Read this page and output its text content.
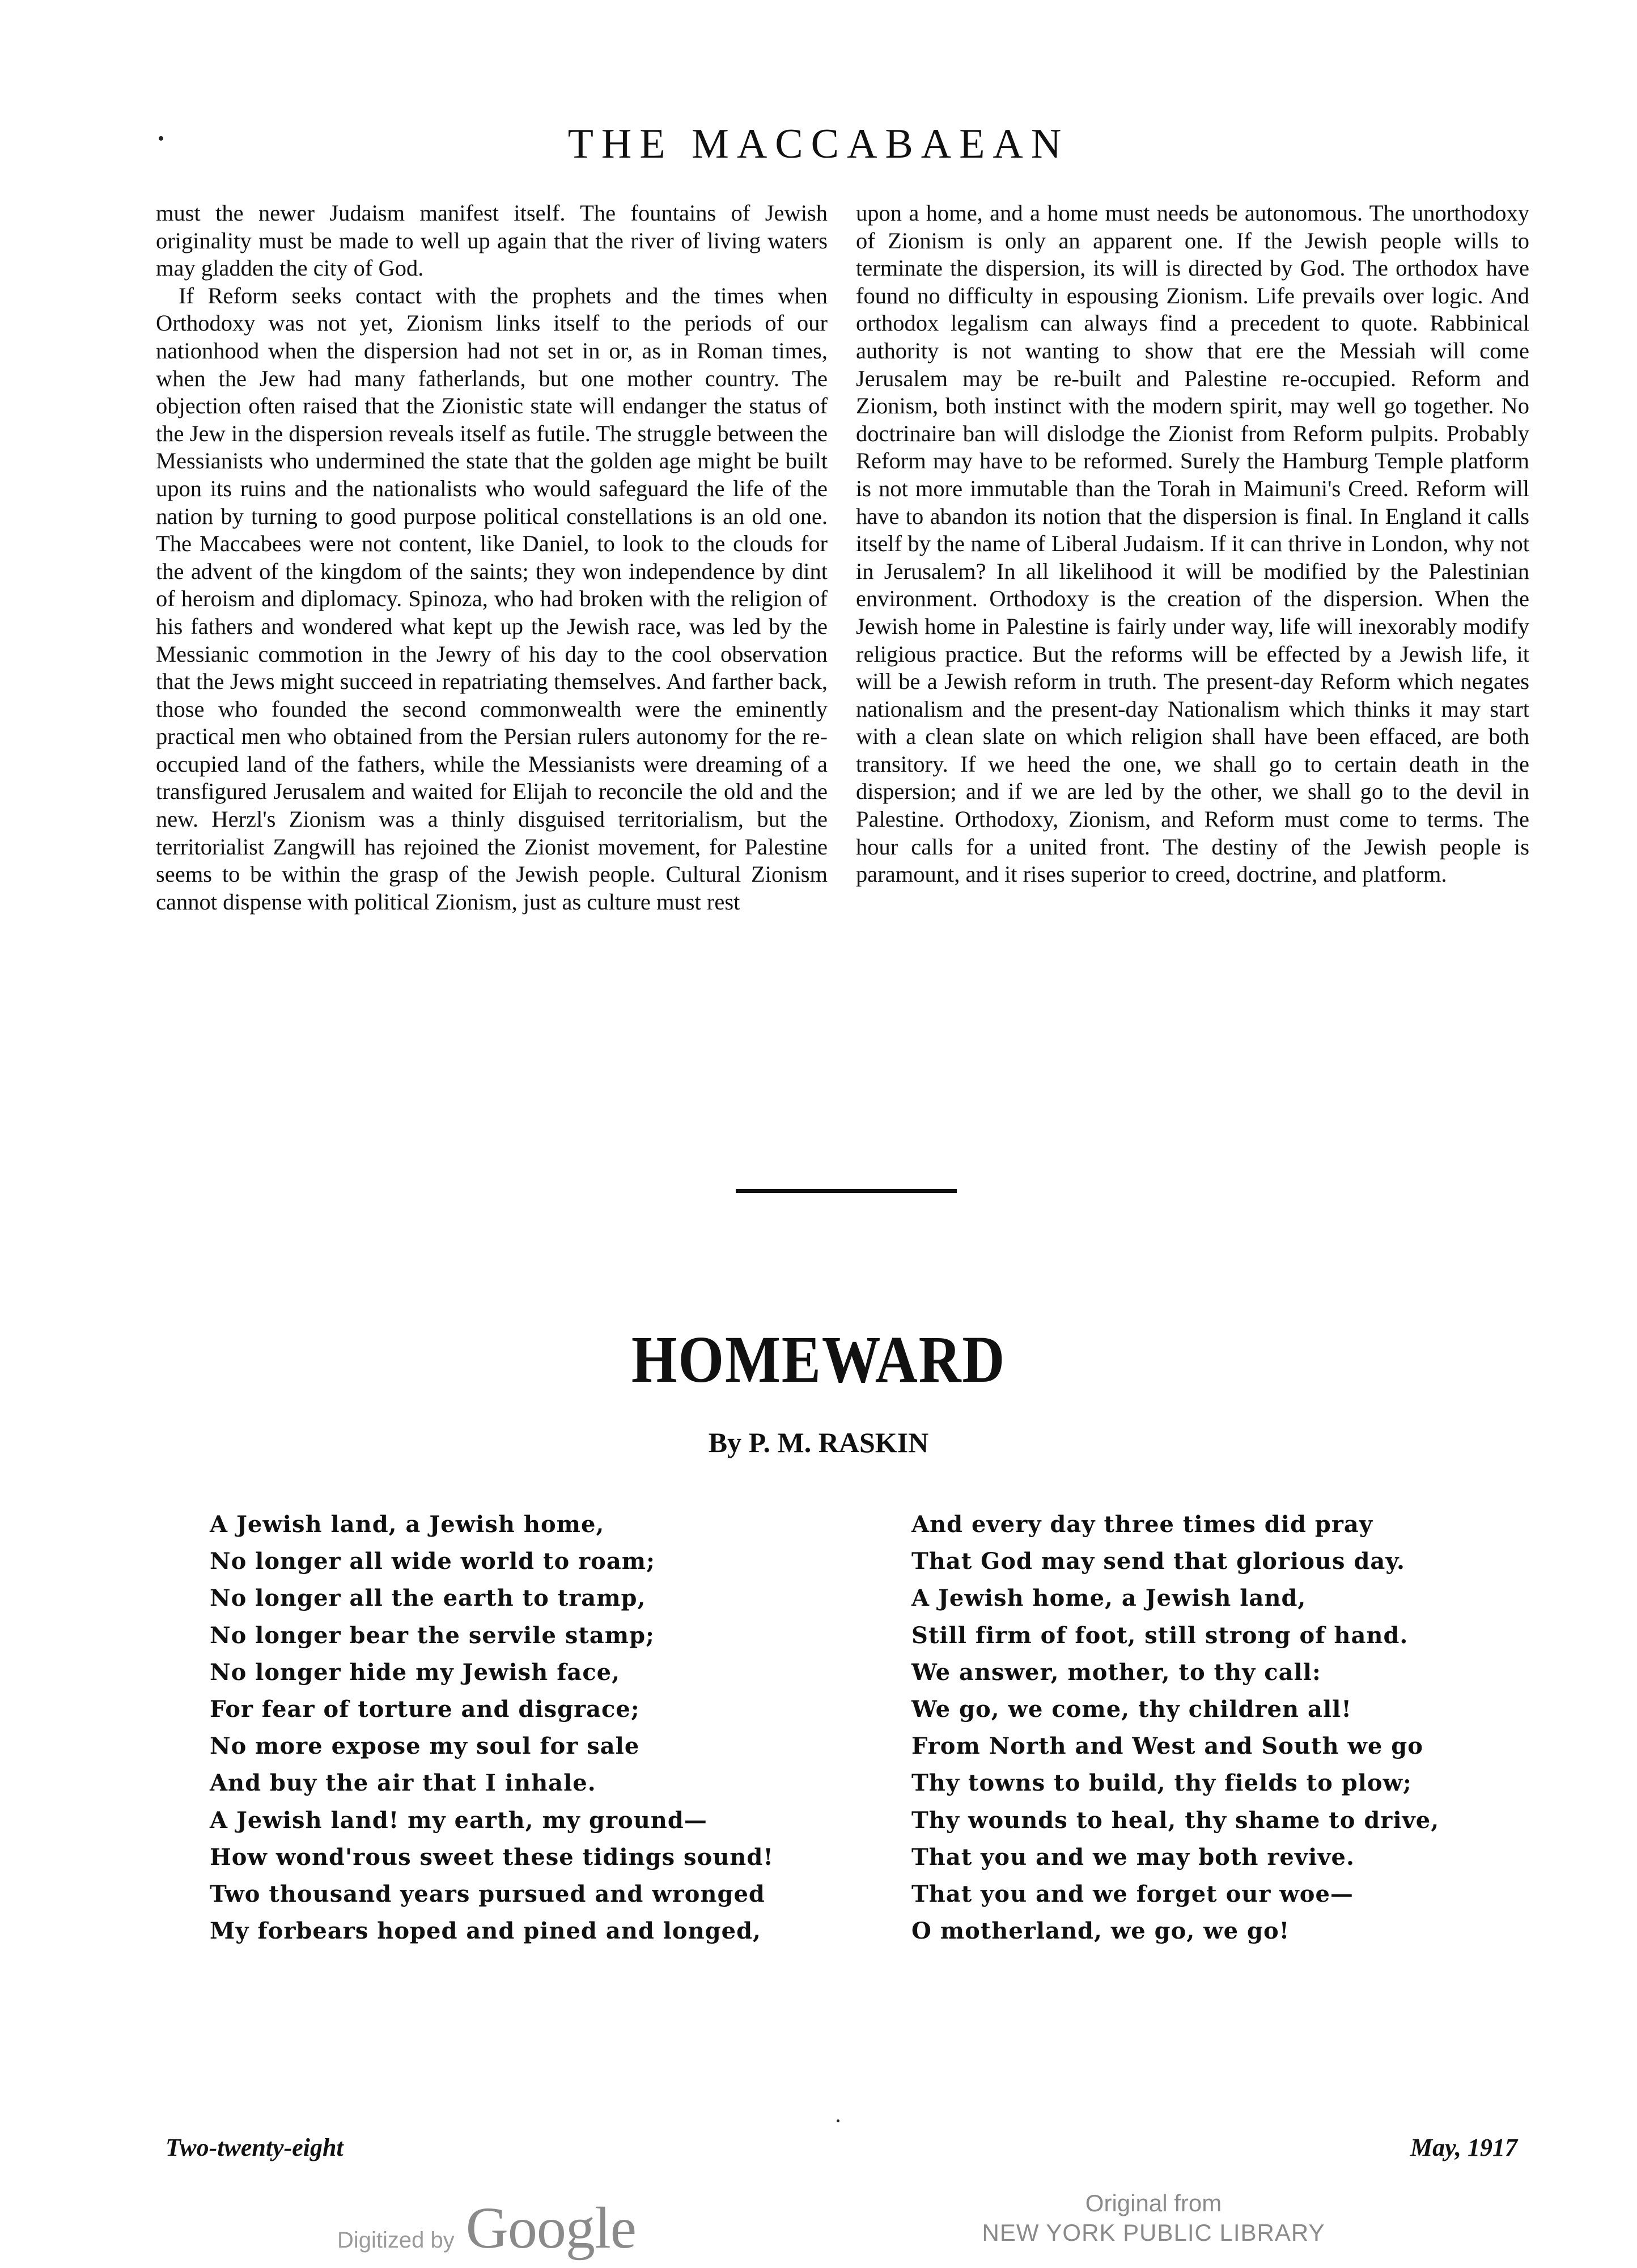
THE MACCABAEAN

must the newer Judaism manifest itself. The fountains of Jewish originality must be made to well up again that the river of living waters may gladden the city of God.

If Reform seeks contact with the prophets and the times when Orthodoxy was not yet, Zionism links itself to the periods of our nationhood when the dispersion had not set in or, as in Roman times, when the Jew had many fatherlands, but one mother country. The objection often raised that the Zionistic state will endanger the status of the Jew in the dispersion reveals itself as futile. The struggle between the Messianists who undermined the state that the golden age might be built upon its ruins and the nationalists who would safeguard the life of the nation by turning to good purpose political constellations is an old one. The Maccabees were not content, like Daniel, to look to the clouds for the advent of the kingdom of the saints; they won independence by dint of heroism and diplomacy. Spinoza, who had broken with the religion of his fathers and wondered what kept up the Jewish race, was led by the Messianic commotion in the Jewry of his day to the cool observation that the Jews might succeed in repatriating themselves. And farther back, those who founded the second commonwealth were the eminently practical men who obtained from the Persian rulers autonomy for the re-occupied land of the fathers, while the Messianists were dreaming of a transfigured Jerusalem and waited for Elijah to reconcile the old and the new. Herzl's Zionism was a thinly disguised territorialism, but the territorialist Zangwill has rejoined the Zionist movement, for Palestine seems to be within the grasp of the Jewish people. Cultural Zionism cannot dispense with political Zionism, just as culture must rest

upon a home, and a home must needs be autonomous. The unorthodoxy of Zionism is only an apparent one. If the Jewish people wills to terminate the dispersion, its will is directed by God. The orthodox have found no difficulty in espousing Zionism. Life prevails over logic. And orthodox legalism can always find a precedent to quote. Rabbinical authority is not wanting to show that ere the Messiah will come Jerusalem may be re-built and Palestine re-occupied. Reform and Zionism, both instinct with the modern spirit, may well go together. No doctrinaire ban will dislodge the Zionist from Reform pulpits. Probably Reform may have to be reformed. Surely the Hamburg Temple platform is not more immutable than the Torah in Maimuni's Creed. Reform will have to abandon its notion that the dispersion is final. In England it calls itself by the name of Liberal Judaism. If it can thrive in London, why not in Jerusalem? In all likelihood it will be modified by the Palestinian environment. Orthodoxy is the creation of the dispersion. When the Jewish home in Palestine is fairly under way, life will inexorably modify religious practice. But the reforms will be effected by a Jewish life, it will be a Jewish reform in truth. The present-day Reform which negates nationalism and the present-day Nationalism which thinks it may start with a clean slate on which religion shall have been effaced, are both transitory. If we heed the one, we shall go to certain death in the dispersion; and if we are led by the other, we shall go to the devil in Palestine. Orthodoxy, Zionism, and Reform must come to terms. The hour calls for a united front. The destiny of the Jewish people is paramount, and it rises superior to creed, doctrine, and platform.

HOMEWARD
By P. M. RASKIN
A Jewish land, a Jewish home,
No longer all wide world to roam;
No longer all the earth to tramp,
No longer bear the servile stamp;
No longer hide my Jewish face,
For fear of torture and disgrace;
No more expose my soul for sale
And buy the air that I inhale.
A Jewish land! my earth, my ground—
How wond'rous sweet these tidings sound!
Two thousand years pursued and wronged
My forbears hoped and pined and longed,
And every day three times did pray
That God may send that glorious day.
A Jewish home, a Jewish land,
Still firm of foot, still strong of hand.
We answer, mother, to thy call:
We go, we come, thy children all!
From North and West and South we go
Thy towns to build, thy fields to plow;
Thy wounds to heal, thy shame to drive,
That you and we may both revive.
That you and we forget our woe—
O motherland, we go, we go!
Two-twenty-eight	May, 1917
Digitized by Google	Original from
NEW YORK PUBLIC LIBRARY
